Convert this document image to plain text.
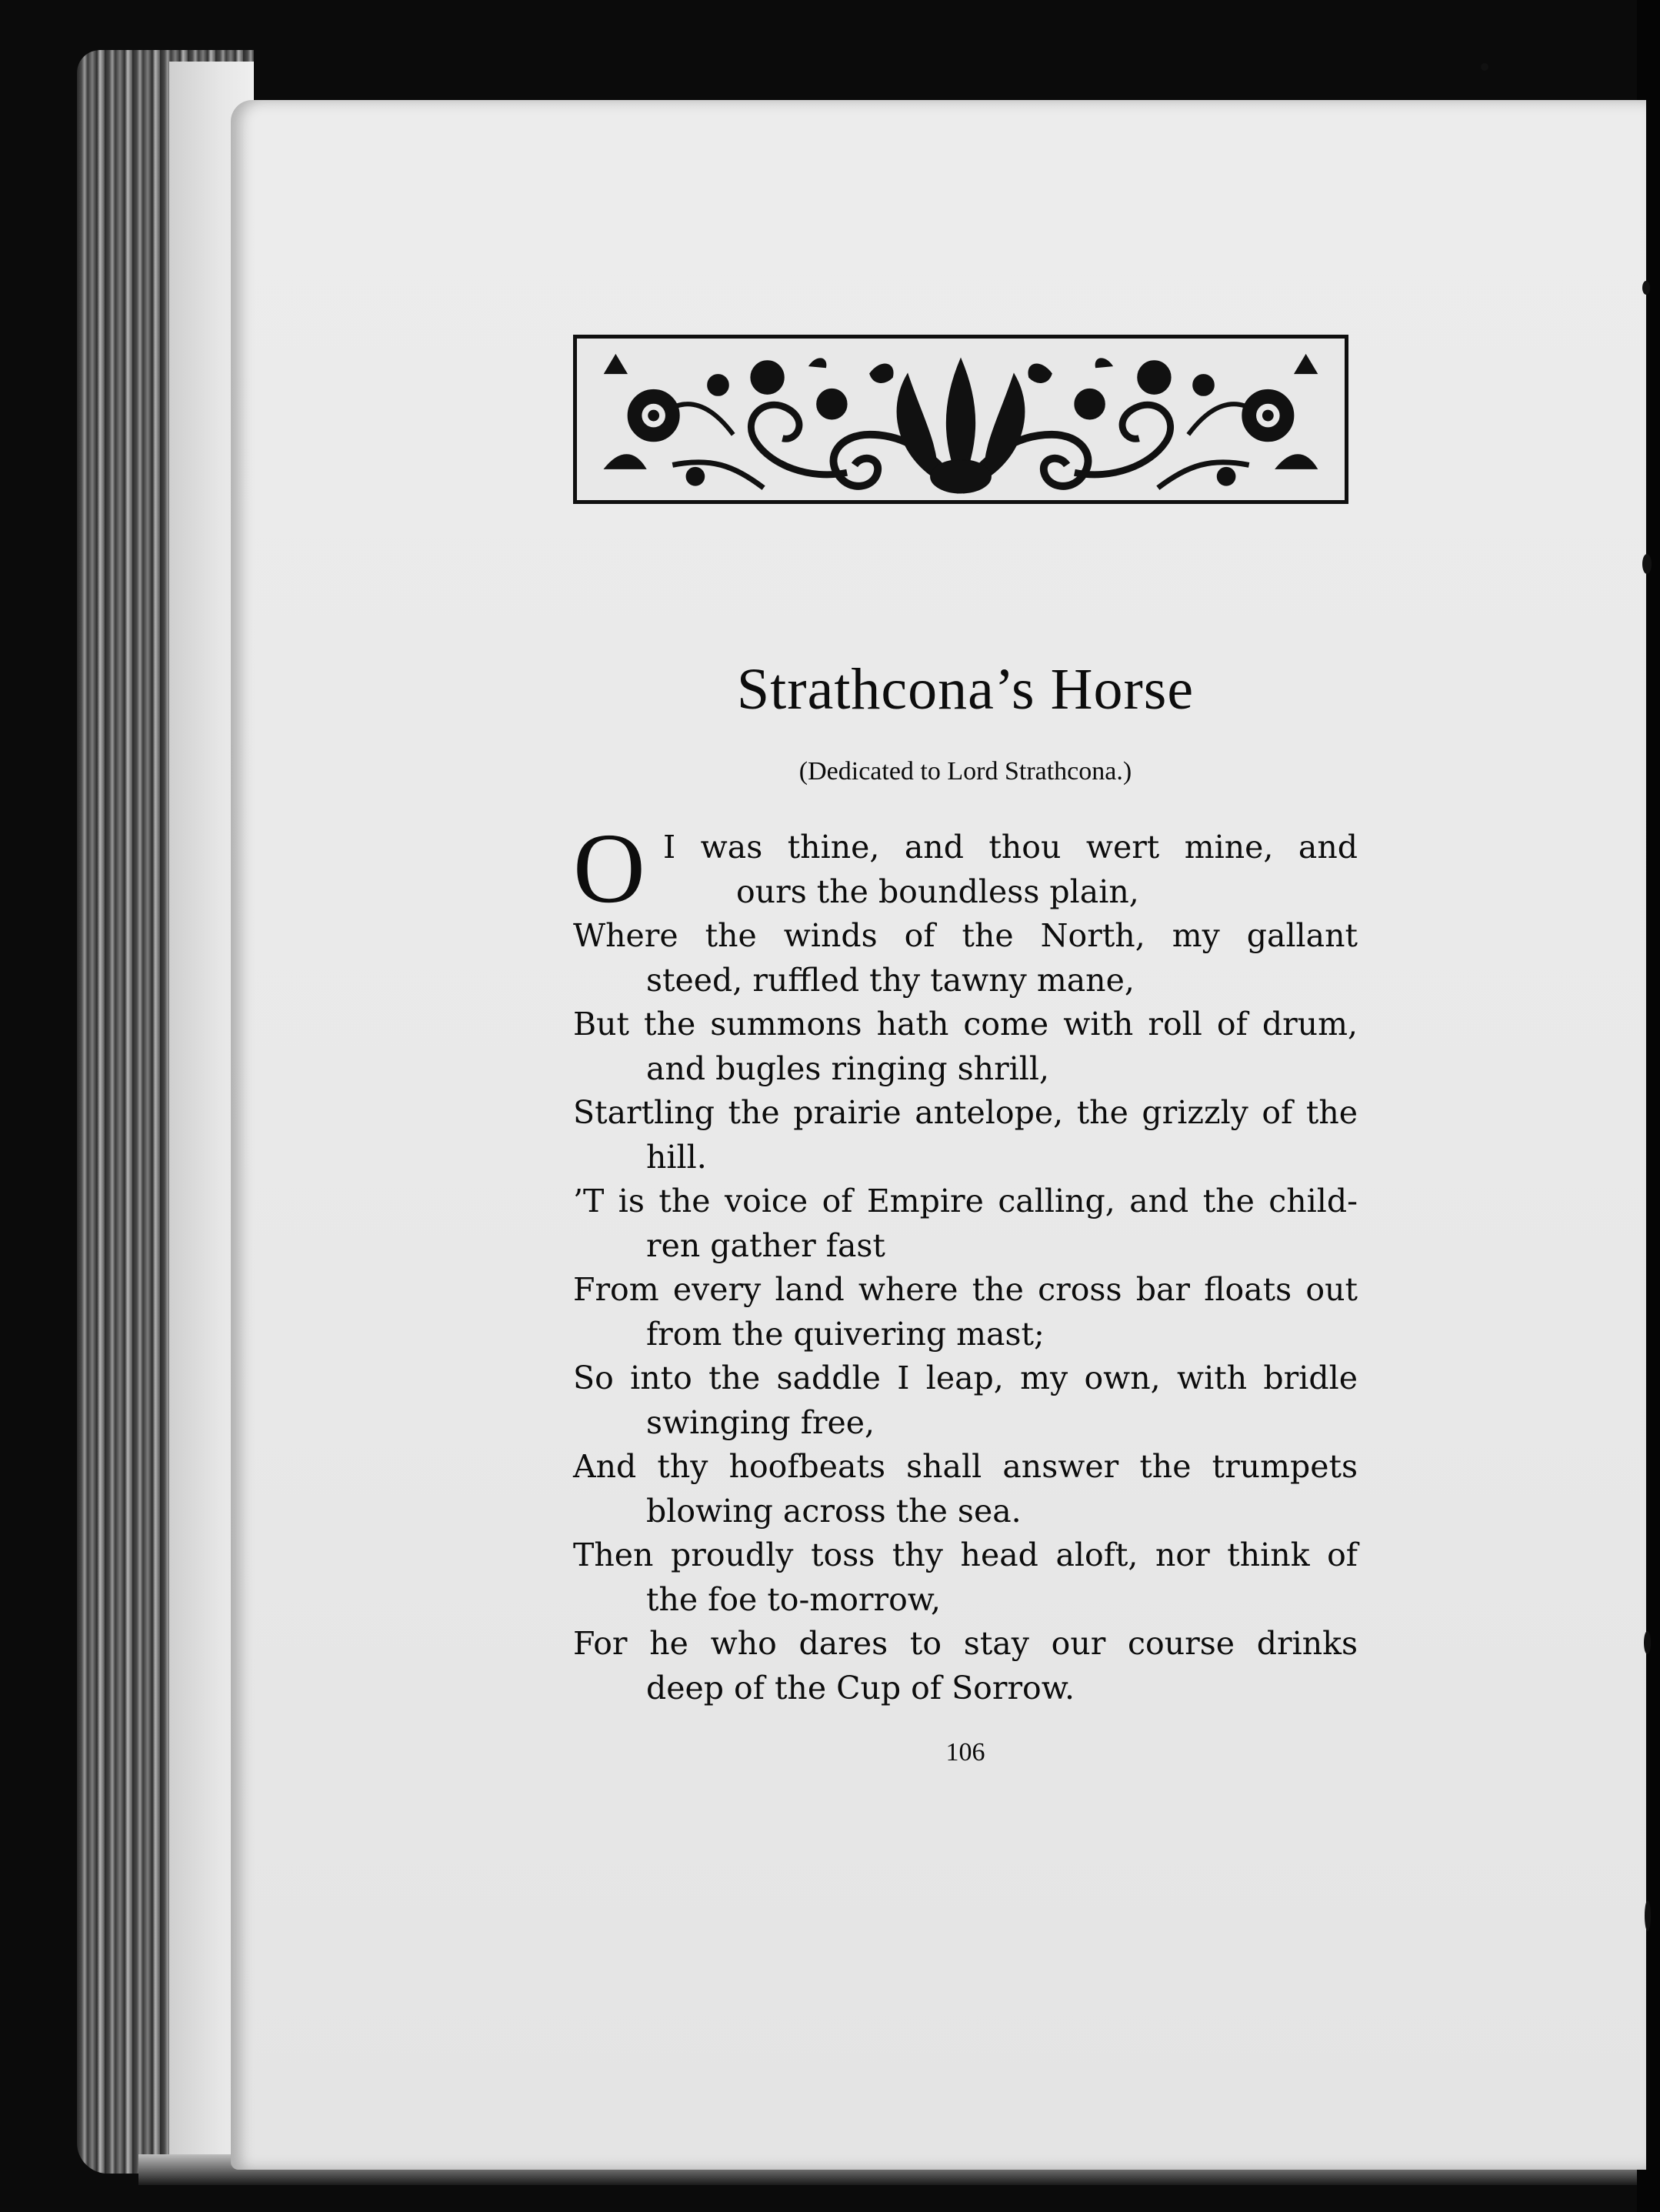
Strathcona’s Horse
(Dedicated to Lord Strathcona.)
O I was thine, and thou wert mine, and
ours the boundless plain,
Where the winds of the North, my gallant
steed, ruffled thy tawny mane,
But the summons hath come with roll of drum,
and bugles ringing shrill,
Startling the prairie antelope, the grizzly of the
hill.
’T is the voice of Empire calling, and the child-
ren gather fast
From every land where the cross bar floats out
from the quivering mast;
So into the saddle I leap, my own, with bridle
swinging free,
And thy hoofbeats shall answer the trumpets
blowing across the sea.
Then proudly toss thy head aloft, nor think of
the foe to-morrow,
For he who dares to stay our course drinks
deep of the Cup of Sorrow.
106
